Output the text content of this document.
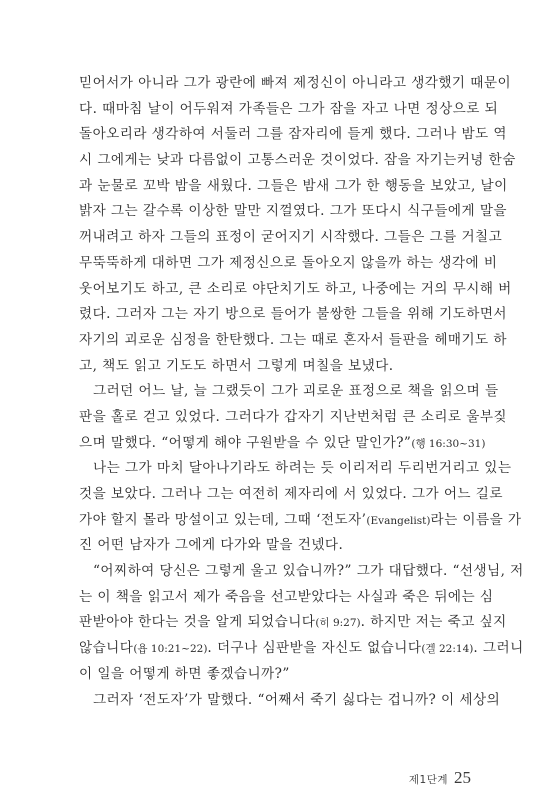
믿어서가 아니라 그가 광란에 빠져 제정신이 아니라고 생각했기 때문이
다. 때마침 날이 어두워져 가족들은 그가 잠을 자고 나면 정상으로 되
돌아오리라 생각하여 서둘러 그를 잠자리에 들게 했다. 그러나 밤도 역
시 그에게는 낮과 다름없이 고통스러운 것이었다. 잠을 자기는커녕 한숨
과 눈물로 꼬박 밤을 새웠다. 그들은 밤새 그가 한 행동을 보았고, 날이
밝자 그는 갈수록 이상한 말만 지껄였다. 그가 또다시 식구들에게 말을
꺼내려고 하자 그들의 표정이 굳어지기 시작했다. 그들은 그를 거칠고
무뚝뚝하게 대하면 그가 제정신으로 돌아오지 않을까 하는 생각에 비
웃어보기도 하고, 큰 소리로 야단치기도 하고, 나중에는 거의 무시해 버
렸다. 그러자 그는 자기 방으로 들어가 불쌍한 그들을 위해 기도하면서
자기의 괴로운 심정을 한탄했다. 그는 때로 혼자서 들판을 헤매기도 하
고, 책도 읽고 기도도 하면서 그렇게 며칠을 보냈다.
그러던 어느 날, 늘 그랬듯이 그가 괴로운 표정으로 책을 읽으며 들
판을 홀로 걷고 있었다. 그러다가 갑자기 지난번처럼 큰 소리로 울부짖
으며 말했다. “어떻게 해야 구원받을 수 있단 말인가?”(행 16:30~31)
나는 그가 마치 달아나기라도 하려는 듯 이리저리 두리번거리고 있는
것을 보았다. 그러나 그는 여전히 제자리에 서 있었다. 그가 어느 길로
가야 할지 몰라 망설이고 있는데, 그때 ‘전도자’(Evangelist)라는 이름을 가
진 어떤 남자가 그에게 다가와 말을 건넸다.
“어찌하여 당신은 그렇게 울고 있습니까?” 그가 대답했다. “선생님, 저
는 이 책을 읽고서 제가 죽음을 선고받았다는 사실과 죽은 뒤에는 심
판받아야 한다는 것을 알게 되었습니다(히 9:27). 하지만 저는 죽고 싶지
않습니다(욥 10:21~22). 더구나 심판받을 자신도 없습니다(겔 22:14). 그러니
이 일을 어떻게 하면 좋겠습니까?”
그러자 ‘전도자’가 말했다. “어째서 죽기 싫다는 겁니까? 이 세상의
제1단계 25
